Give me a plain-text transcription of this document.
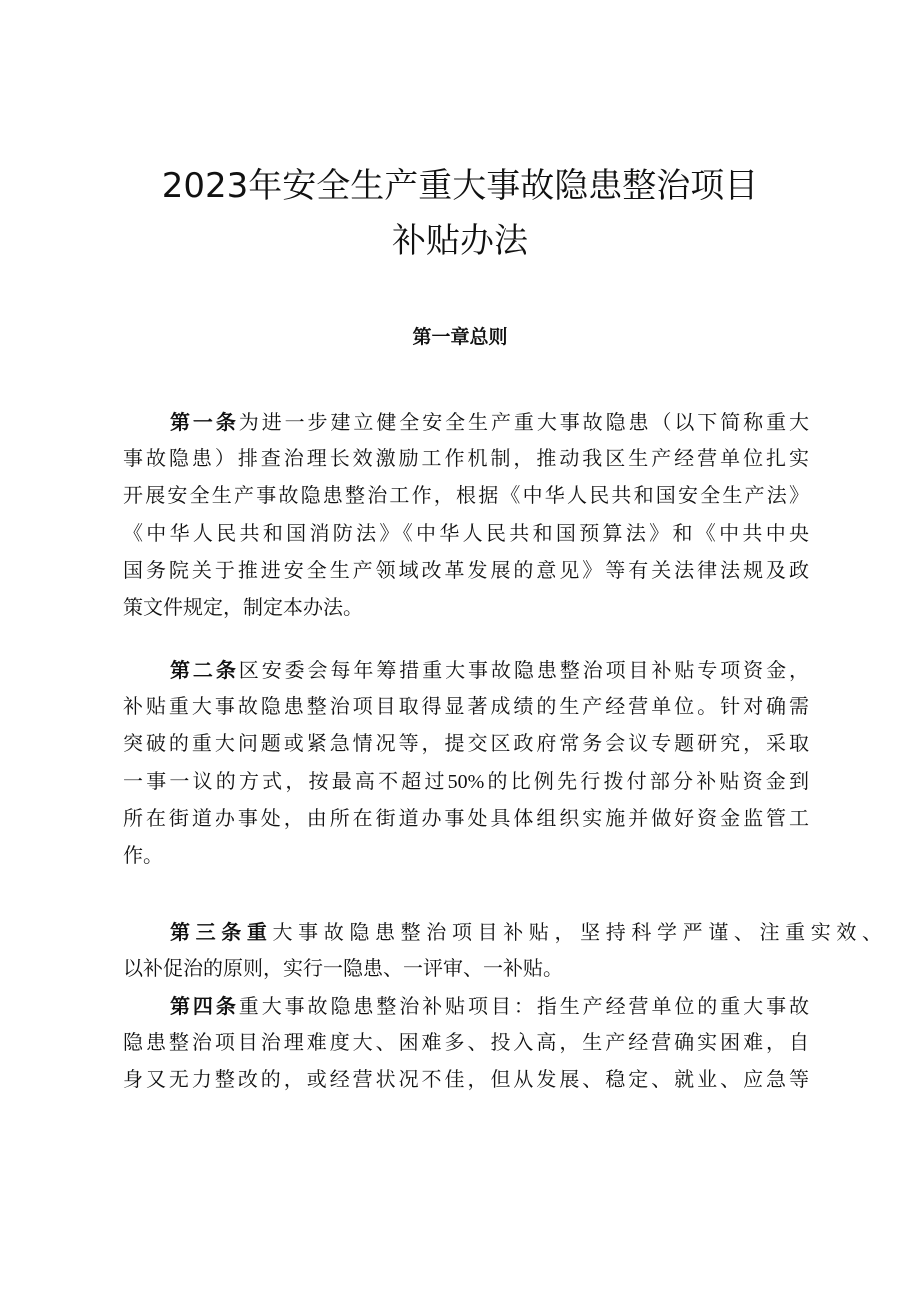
2023年安全生产重大事故隐患整治项目
补贴办法
第一章总则
第一条为进一步建立健全安全生产重大事故隐患（以下简称重大
事故隐患）排查治理长效激励工作机制，推动我区生产经营单位扎实
开展安全生产事故隐患整治工作，根据《中华人民共和国安全生产法》
《中华人民共和国消防法》《中华人民共和国预算法》和《中共中央
国务院关于推进安全生产领域改革发展的意见》等有关法律法规及政
策文件规定，制定本办法。
第二条区安委会每年筹措重大事故隐患整治项目补贴专项资金，
补贴重大事故隐患整治项目取得显著成绩的生产经营单位。针对确需
突破的重大问题或紧急情况等，提交区政府常务会议专题研究，采取
一事一议的方式，按最高不超过50%的比例先行拨付部分补贴资金到
所在街道办事处，由所在街道办事处具体组织实施并做好资金监管工
作。
第三条重大事故隐患整治项目补贴，坚持科学严谨、注重实效、
以补促治的原则，实行一隐患、一评审、一补贴。
第四条重大事故隐患整治补贴项目：指生产经营单位的重大事故
隐患整治项目治理难度大、困难多、投入高，生产经营确实困难，自
身又无力整改的，或经营状况不佳，但从发展、稳定、就业、应急等
